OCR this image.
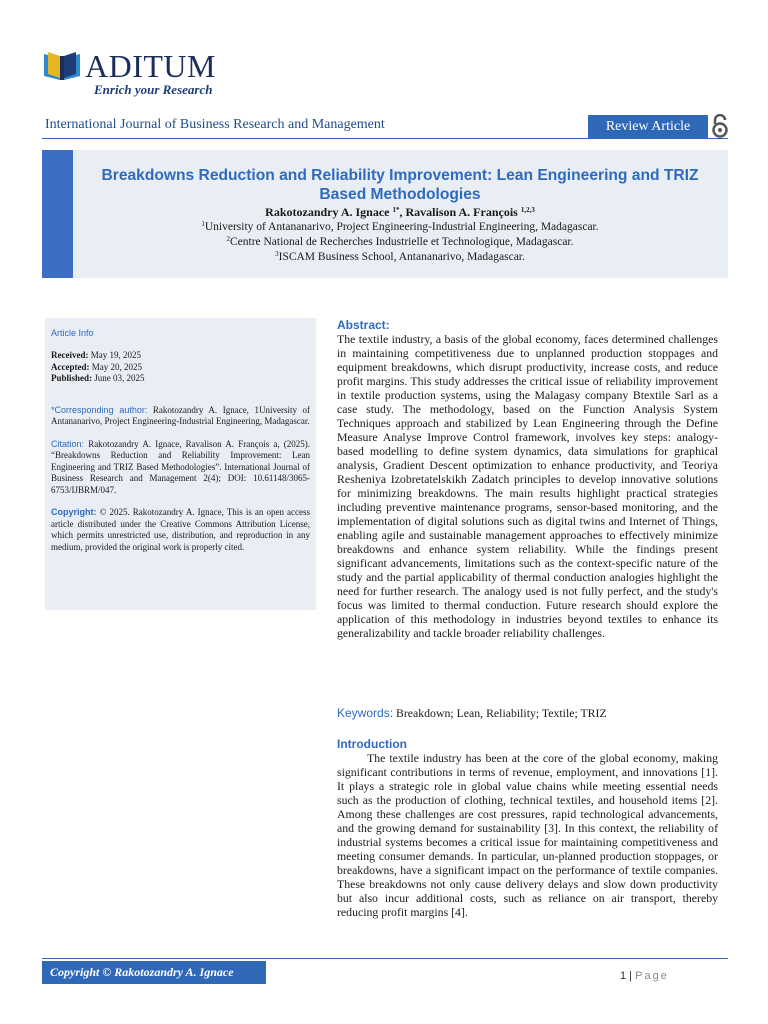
ADITUM
Enrich your Research
International Journal of Business Research and Management	Review Article
Breakdowns Reduction and Reliability Improvement: Lean Engineering and TRIZ
Based Methodologies
Rakotozandry A. Ignace $^{1*}$, Ravalison A. François $^{1,2,3}$
$^1$University of Antananarivo, Project Engineering-Industrial Engineering, Madagascar.
$^2$Centre National de Recherches Industrielle et Technologique, Madagascar.
$^3$ISCAM Business School, Antananarivo, Madagascar.
Article Info
Received: May 19, 2025
Accepted: May 20, 2025
Published: June 03, 2025
*Corresponding author: Rakotozandry A. Ignace, 1University of Antananarivo, Project Engineering-Industrial Engineering, Madagascar.
Citation: Rakotozandry A. Ignace, Ravalison A. François a, (2025). “Breakdowns Reduction and Reliability Improvement: Lean Engineering and TRIZ Based Methodologies”. International Journal of Business Research and Management 2(4); DOI: 10.61148/3065-6753/IJBRM/047.
Copyright: © 2025. Rakotozandry A. Ignace, This is an open access article distributed under the Creative Commons Attribution License, which permits unrestricted use, distribution, and reproduction in any medium, provided the original work is properly cited.
Abstract:
The textile industry, a basis of the global economy, faces determined challenges in maintaining competitiveness due to unplanned production stoppages and equipment breakdowns, which disrupt productivity, increase costs, and reduce profit margins. This study addresses the critical issue of reliability improvement in textile production systems, using the Malagasy company Btextile Sarl as a case study. The methodology, based on the Function Analysis System Techniques approach and stabilized by Lean Engineering through the Define Measure Analyse Improve Control framework, involves key steps: analogy-based modelling to define system dynamics, data simulations for graphical analysis, Gradient Descent optimization to enhance productivity, and Teoriya Resheniya Izobretatelskikh Zadatch principles to develop innovative solutions for minimizing breakdowns. The main results highlight practical strategies including preventive maintenance programs, sensor-based monitoring, and the implementation of digital solutions such as digital twins and Internet of Things, enabling agile and sustainable management approaches to effectively minimize breakdowns and enhance system reliability. While the findings present significant advancements, limitations such as the context-specific nature of the study and the partial applicability of thermal conduction analogies highlight the need for further research. The analogy used is not fully perfect, and the study's focus was limited to thermal conduction. Future research should explore the application of this methodology in industries beyond textiles to enhance its generalizability and tackle broader reliability challenges.
Keywords: Breakdown; Lean, Reliability; Textile; TRIZ
Introduction
The textile industry has been at the core of the global economy, making significant contributions in terms of revenue, employment, and innovations [1]. It plays a strategic role in global value chains while meeting essential needs such as the production of clothing, technical textiles, and household items [2]. Among these challenges are cost pressures, rapid technological advancements, and the growing demand for sustainability [3]. In this context, the reliability of industrial systems becomes a critical issue for maintaining competitiveness and meeting consumer demands. In particular, un-planned production stoppages, or breakdowns, have a significant impact on the performance of textile companies. These breakdowns not only cause delivery delays and slow down productivity but also incur additional costs, such as reliance on air transport, thereby reducing profit margins [4].
Copyright © Rakotozandry A. Ignace	1 | Page
